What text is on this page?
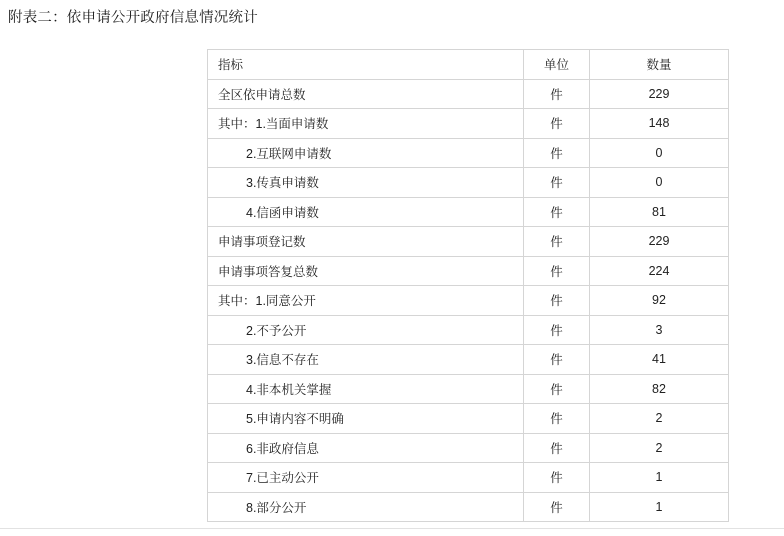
附表二：依申请公开政府信息情况统计
指标	单位	数量
全区依申请总数	件	229
其中：1.当面申请数	件	148
2.互联网申请数	件	0
3.传真申请数	件	0
4.信函申请数	件	81
申请事项登记数	件	229
申请事项答复总数	件	224
其中：1.同意公开	件	92
2.不予公开	件	3
3.信息不存在	件	41
4.非本机关掌握	件	82
5.申请内容不明确	件	2
6.非政府信息	件	2
7.已主动公开	件	1
8.部分公开	件	1
